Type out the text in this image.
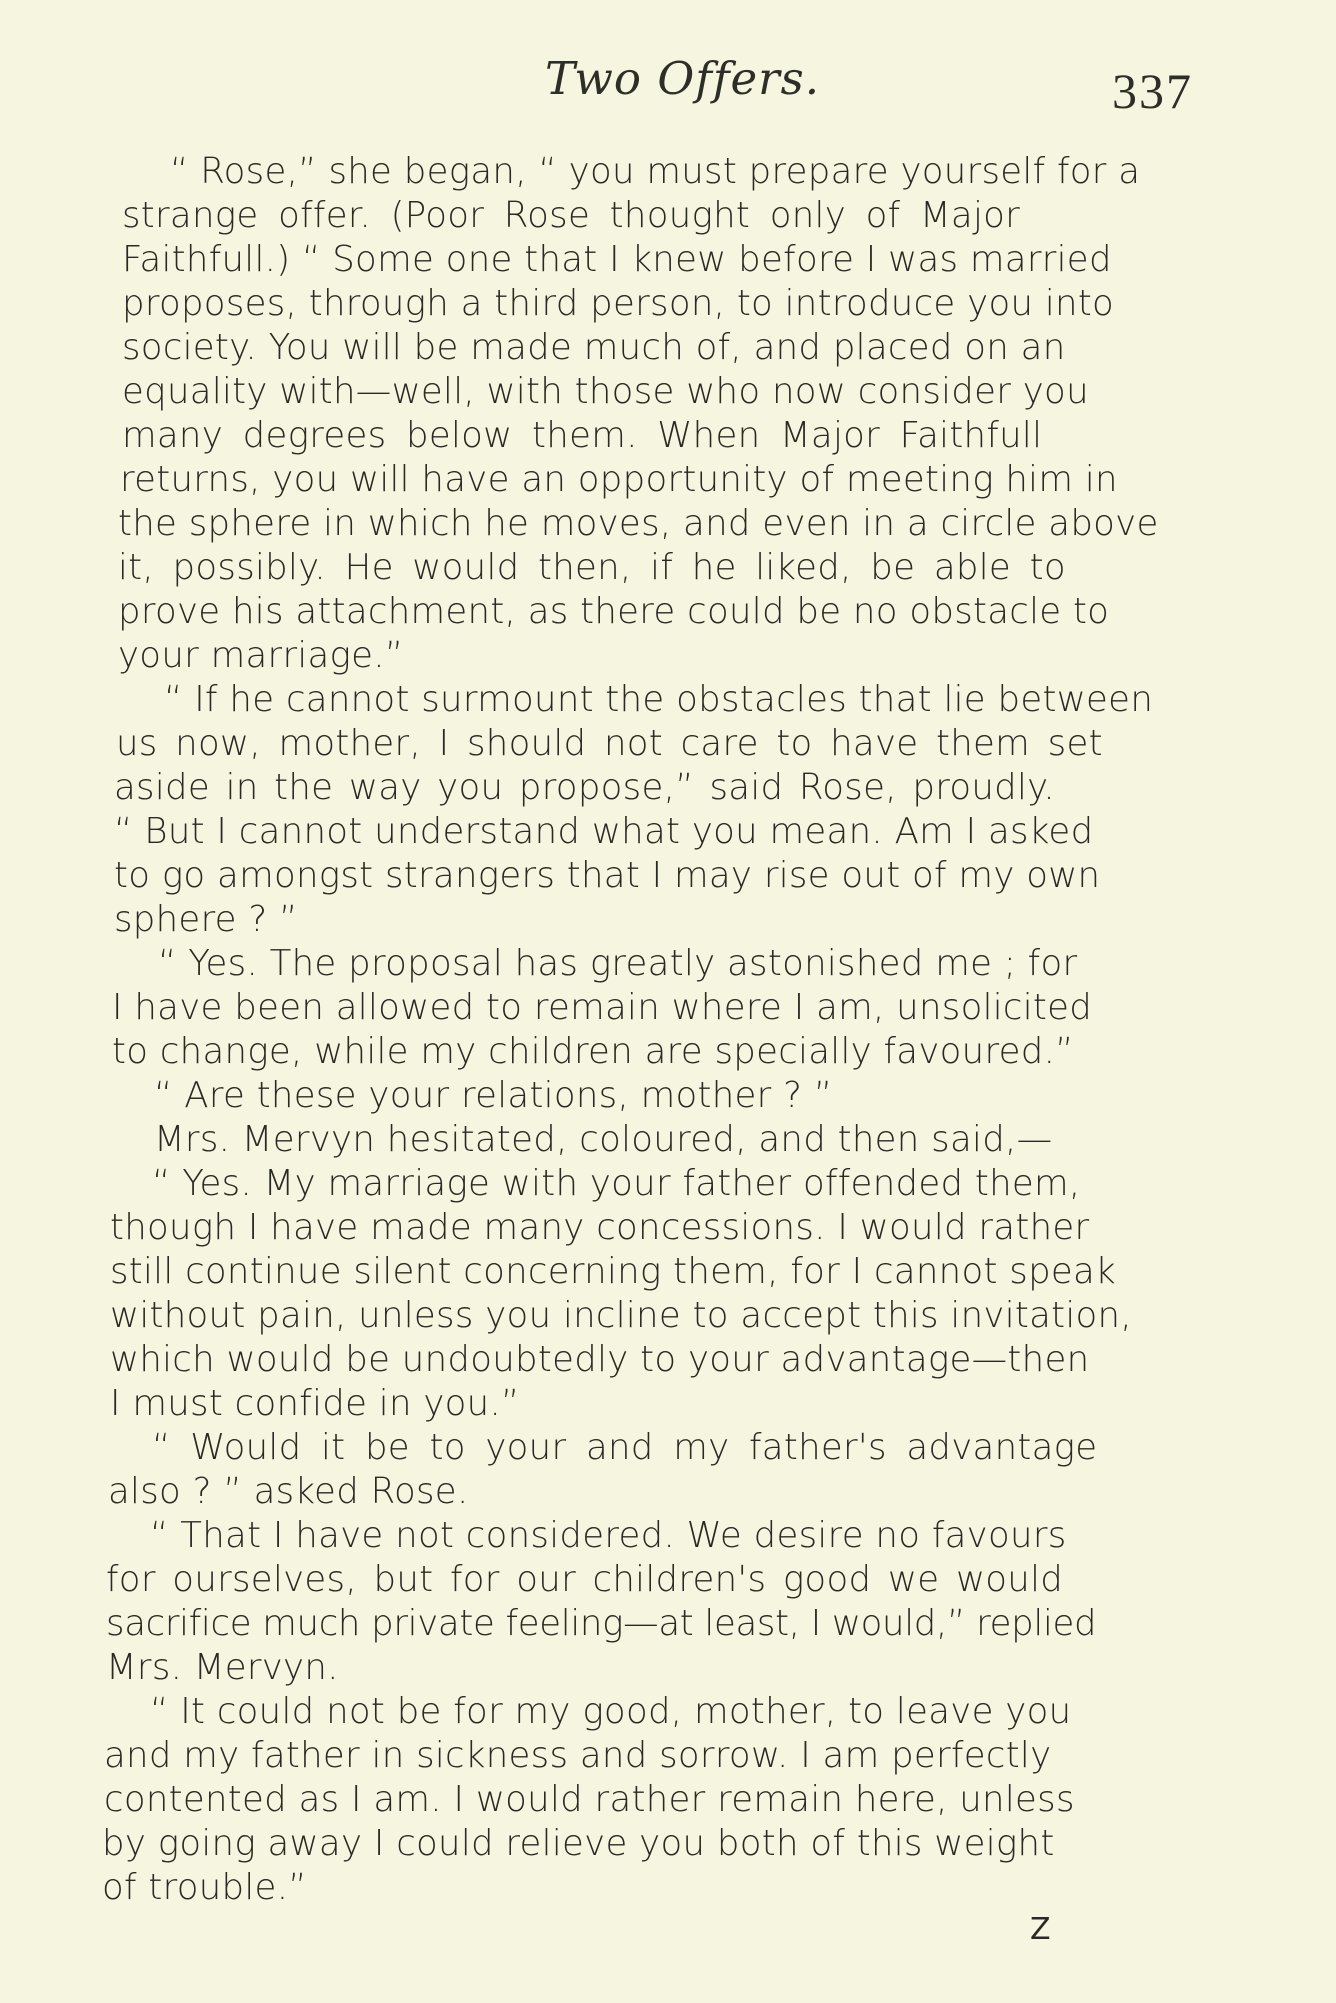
Two Offers.	337
“ Rose,” she began, “ you must prepare yourself for a
strange offer. (Poor Rose thought only of Major
Faithfull.) “ Some one that I knew before I was married
proposes, through a third person, to introduce you into
society. You will be made much of, and placed on an
equality with—well, with those who now consider you
many degrees below them. When Major Faithfull
returns, you will have an opportunity of meeting him in
the sphere in which he moves, and even in a circle above
it, possibly. He would then, if he liked, be able to
prove his attachment, as there could be no obstacle to
your marriage.”
“ If he cannot surmount the obstacles that lie between
us now, mother, I should not care to have them set
aside in the way you propose,” said Rose, proudly.
“ But I cannot understand what you mean. Am I asked
to go amongst strangers that I may rise out of my own
sphere ? ”
“ Yes. The proposal has greatly astonished me ; for
I have been allowed to remain where I am, unsolicited
to change, while my children are specially favoured.”
“ Are these your relations, mother ? ”
Mrs. Mervyn hesitated, coloured, and then said,—
“ Yes. My marriage with your father offended them,
though I have made many concessions. I would rather
still continue silent concerning them, for I cannot speak
without pain, unless you incline to accept this invitation,
which would be undoubtedly to your advantage—then
I must confide in you.”
“ Would it be to your and my father's advantage
also ? ” asked Rose.
“ That I have not considered. We desire no favours
for ourselves, but for our children's good we would
sacrifice much private feeling—at least, I would,” replied
Mrs. Mervyn.
“ It could not be for my good, mother, to leave you
and my father in sickness and sorrow. I am perfectly
contented as I am. I would rather remain here, unless
by going away I could relieve you both of this weight
of trouble.”
Z
